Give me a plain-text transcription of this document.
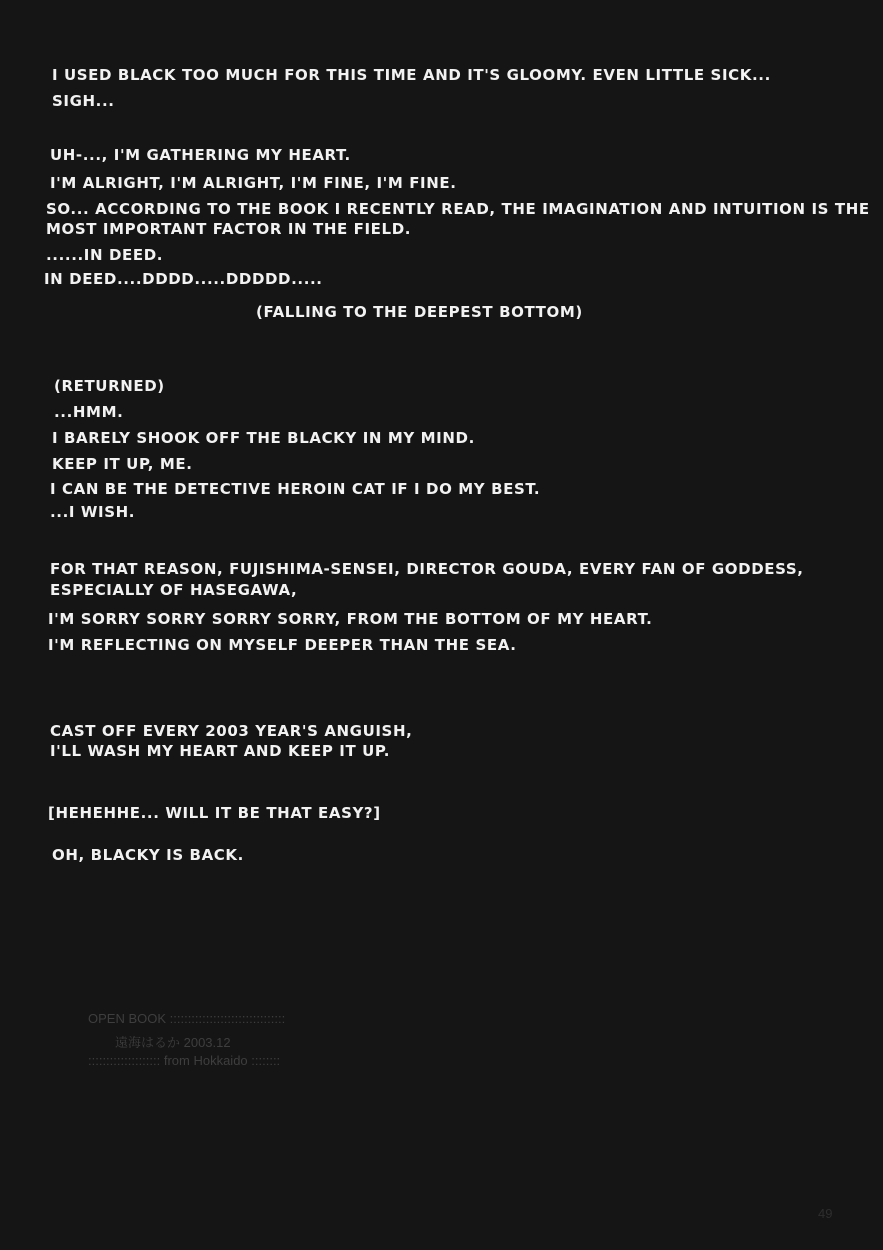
I USED BLACK TOO MUCH FOR THIS TIME AND IT'S GLOOMY. EVEN LITTLE SICK...
SIGH...
UH-..., I'M GATHERING MY HEART.
I'M ALRIGHT, I'M ALRIGHT, I'M FINE, I'M FINE.
SO... ACCORDING TO THE BOOK I RECENTLY READ, THE IMAGINATION AND INTUITION IS THE
MOST IMPORTANT FACTOR IN THE FIELD.
......IN DEED.
IN DEED....DDDD.....DDDDD.....
(FALLING TO THE DEEPEST BOTTOM)
(RETURNED)
...HMM.
I BARELY SHOOK OFF THE BLACKY IN MY MIND.
KEEP IT UP, ME.
I CAN BE THE DETECTIVE HEROIN CAT IF I DO MY BEST.
...I WISH.
FOR THAT REASON, FUJISHIMA-SENSEI, DIRECTOR GOUDA, EVERY FAN OF GODDESS,
ESPECIALLY OF HASEGAWA,
I'M SORRY SORRY SORRY SORRY, FROM THE BOTTOM OF MY HEART.
I'M REFLECTING ON MYSELF DEEPER THAN THE SEA.
CAST OFF EVERY 2003 YEAR'S ANGUISH,
I'LL WASH MY HEART AND KEEP IT UP.
[HEHEHHE... WILL IT BE THAT EASY?]
OH, BLACKY IS BACK.
OPEN BOOK ::::::::::::::::::::::::::::::::
遠海はるか 2003.12
:::::::::::::::::::: from Hokkaido ::::::::
49
